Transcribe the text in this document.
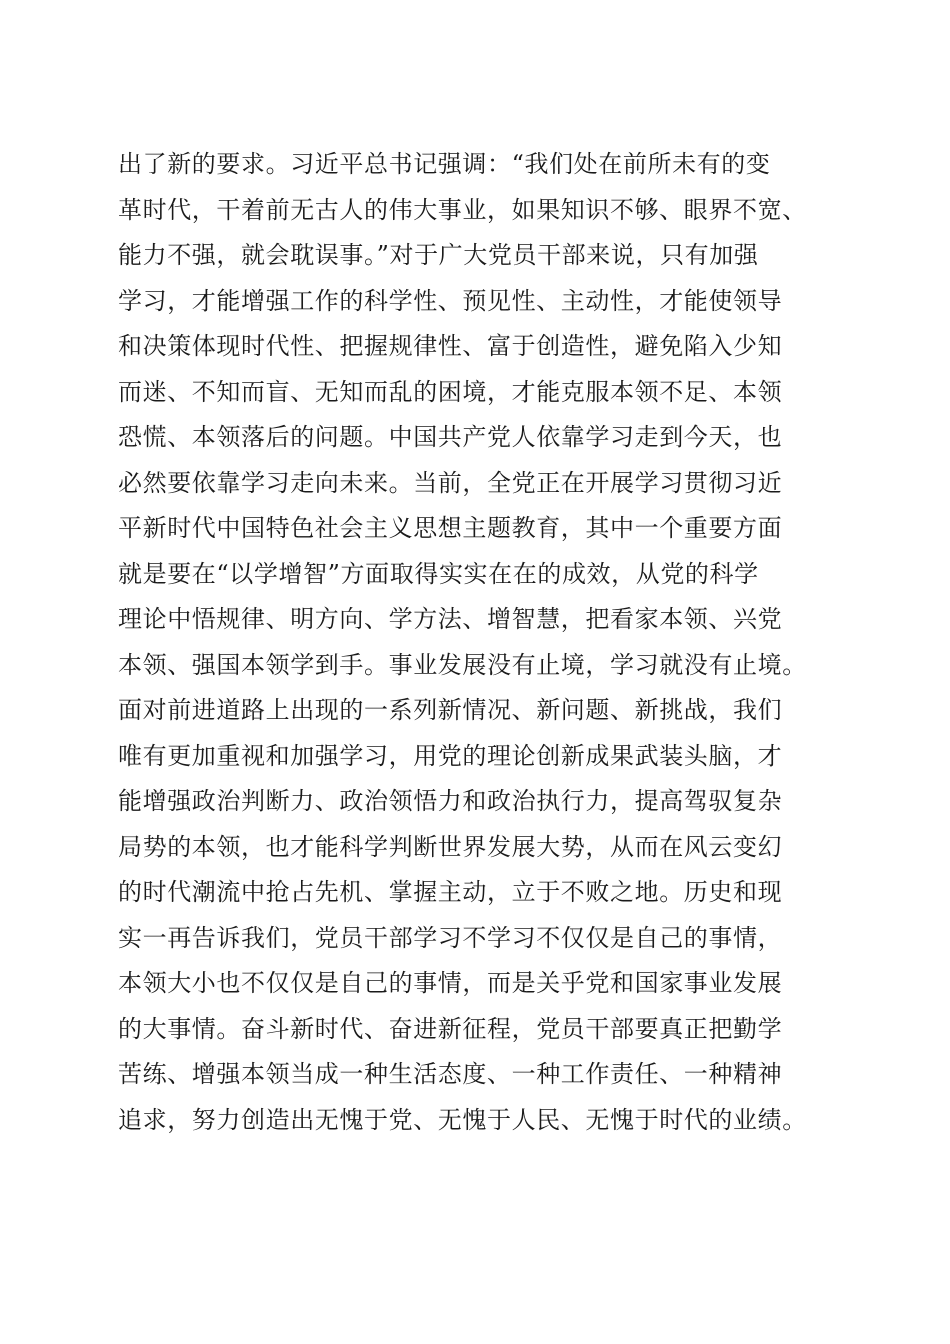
出了新的要求。习近平总书记强调：“我们处在前所未有的变
革时代，干着前无古人的伟大事业，如果知识不够、眼界不宽、
能力不强，就会耽误事。”对于广大党员干部来说，只有加强
学习，才能增强工作的科学性、预见性、主动性，才能使领导
和决策体现时代性、把握规律性、富于创造性，避免陷入少知
而迷、不知而盲、无知而乱的困境，才能克服本领不足、本领
恐慌、本领落后的问题。中国共产党人依靠学习走到今天，也
必然要依靠学习走向未来。当前，全党正在开展学习贯彻习近
平新时代中国特色社会主义思想主题教育，其中一个重要方面
就是要在“以学增智”方面取得实实在在的成效，从党的科学
理论中悟规律、明方向、学方法、增智慧，把看家本领、兴党
本领、强国本领学到手。事业发展没有止境，学习就没有止境。
面对前进道路上出现的一系列新情况、新问题、新挑战，我们
唯有更加重视和加强学习，用党的理论创新成果武装头脑，才
能增强政治判断力、政治领悟力和政治执行力，提高驾驭复杂
局势的本领，也才能科学判断世界发展大势，从而在风云变幻
的时代潮流中抢占先机、掌握主动，立于不败之地。历史和现
实一再告诉我们，党员干部学习不学习不仅仅是自己的事情，
本领大小也不仅仅是自己的事情，而是关乎党和国家事业发展
的大事情。奋斗新时代、奋进新征程，党员干部要真正把勤学
苦练、增强本领当成一种生活态度、一种工作责任、一种精神
追求，努力创造出无愧于党、无愧于人民、无愧于时代的业绩。
